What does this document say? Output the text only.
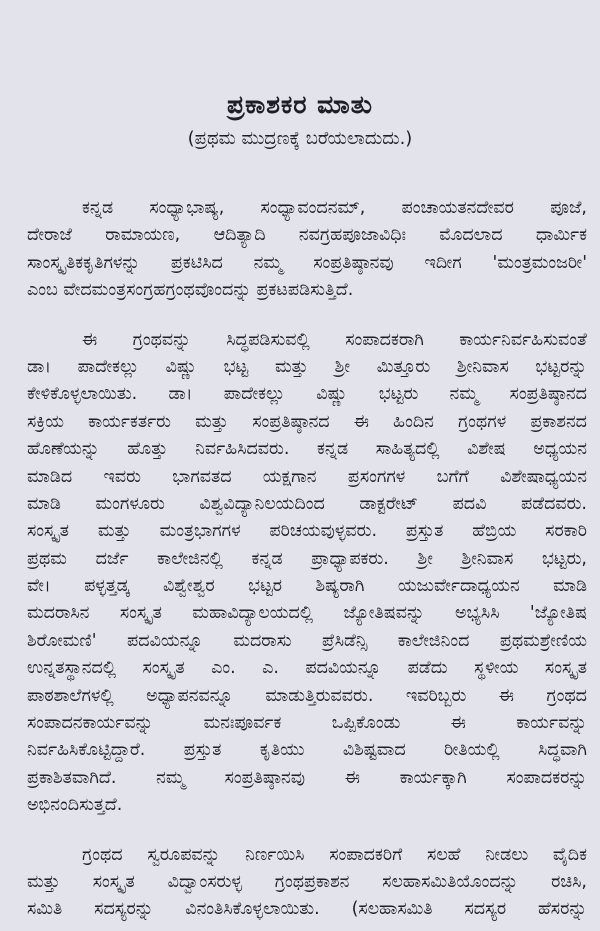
ಪ್ರಕಾಶಕರ ಮಾತು
(ಪ್ರಥಮ ಮುದ್ರಣಕ್ಕೆ ಬರೆಯಲಾದುದು.)
ಕನ್ನಡ ಸಂಧ್ಯಾಭಾಷ್ಯ, ಸಂಧ್ಯಾವಂದನಮ್, ಪಂಚಾಯತನದೇವರ ಪೂಜೆ,
ದೇರಾಜೆ ರಾಮಾಯಣ, ಆದಿತ್ಯಾದಿ ನವಗ್ರಹಪೂಜಾವಿಧಿಃ ಮೊದಲಾದ ಧಾರ್ಮಿಕ
ಸಾಂಸ್ಕೃತಿಕಕೃತಿಗಳನ್ನು ಪ್ರಕಟಿಸಿದ ನಮ್ಮ ಸಂಪ್ರತಿಷ್ಠಾನವು ಇದೀಗ 'ಮಂತ್ರಮಂಜರೀ'
ಎಂಬ ವೇದಮಂತ್ರಸಂಗ್ರಹಗ್ರಂಥವೊಂದನ್ನು ಪ್ರಕಟಪಡಿಸುತ್ತಿದೆ.
ಈ ಗ್ರಂಥವನ್ನು ಸಿದ್ಧಪಡಿಸುವಲ್ಲಿ ಸಂಪಾದಕರಾಗಿ ಕಾರ್ಯನಿರ್ವಹಿಸುವಂತೆ
ಡಾ। ಪಾದೇಕಲ್ಲು ವಿಷ್ಣು ಭಟ್ಟ ಮತ್ತು ಶ್ರೀ ಮಿತ್ತೂರು ಶ್ರೀನಿವಾಸ ಭಟ್ಟರನ್ನು
ಕೇಳಿಕೊಳ್ಳಲಾಯಿತು. ಡಾ। ಪಾದೇಕಲ್ಲು ವಿಷ್ಣು ಭಟ್ಟರು ನಮ್ಮ ಸಂಪ್ರತಿಷ್ಠಾನದ
ಸಕ್ರಿಯ ಕಾರ್ಯಕರ್ತರು ಮತ್ತು ಸಂಪ್ರತಿಷ್ಠಾನದ ಈ ಹಿಂದಿನ ಗ್ರಂಥಗಳ ಪ್ರಕಾಶನದ
ಹೊಣೆಯನ್ನು ಹೊತ್ತು ನಿರ್ವಹಿಸಿದವರು. ಕನ್ನಡ ಸಾಹಿತ್ಯದಲ್ಲಿ ವಿಶೇಷ ಅಧ್ಯಯನ
ಮಾಡಿದ ಇವರು ಭಾಗವತದ ಯಕ್ಷಗಾನ ಪ್ರಸಂಗಗಳ ಬಗೆಗೆ ವಿಶೇಷಾಧ್ಯಯನ
ಮಾಡಿ ಮಂಗಳೂರು ವಿಶ್ವವಿದ್ಯಾನಿಲಯದಿಂದ ಡಾಕ್ಟರೇಟ್ ಪದವಿ ಪಡೆದವರು.
ಸಂಸ್ಕೃತ ಮತ್ತು ಮಂತ್ರಭಾಗಗಳ ಪರಿಚಯವುಳ್ಳವರು. ಪ್ರಸ್ತುತ ಹೆಬ್ರಿಯ ಸರಕಾರಿ
ಪ್ರಥಮ ದರ್ಜೆ ಕಾಲೇಜಿನಲ್ಲಿ ಕನ್ನಡ ಪ್ರಾಧ್ಯಾಪಕರು. ಶ್ರೀ ಶ್ರೀನಿವಾಸ ಭಟ್ಟರು,
ವೇ। ಪಳ್ಳತ್ತಡ್ಕ ವಿಶ್ವೇಶ್ವರ ಭಟ್ಟರ ಶಿಷ್ಯರಾಗಿ ಯಜುರ್ವೇದಾಧ್ಯಯನ ಮಾಡಿ
ಮದರಾಸಿನ ಸಂಸ್ಕೃತ ಮಹಾವಿದ್ಯಾಲಯದಲ್ಲಿ ಜ್ಯೋತಿಷವನ್ನು ಅಭ್ಯಸಿಸಿ 'ಜ್ಯೋತಿಷ
ಶಿರೋಮಣಿ' ಪದವಿಯನ್ನೂ ಮದರಾಸು ಪ್ರೆಸಿಡೆನ್ಸಿ ಕಾಲೇಜಿನಿಂದ ಪ್ರಥಮಶ್ರೇಣಿಯ
ಉನ್ನತಸ್ಥಾನದಲ್ಲಿ ಸಂಸ್ಕೃತ ಎಂ. ಎ. ಪದವಿಯನ್ನೂ ಪಡೆದು ಸ್ಥಳೀಯ ಸಂಸ್ಕೃತ
ಪಾಠಶಾಲೆಗಳಲ್ಲಿ ಅಧ್ಯಾಪನವನ್ನೂ ಮಾಡುತ್ತಿರುವವರು. ಇವರಿಬ್ಬರು ಈ ಗ್ರಂಥದ
ಸಂಪಾದನಕಾರ್ಯವನ್ನು ಮನಃಪೂರ್ವಕ ಒಪ್ಪಿಕೊಂಡು ಈ ಕಾರ್ಯವನ್ನು
ನಿರ್ವಹಿಸಿಕೊಟ್ಟಿದ್ದಾರೆ. ಪ್ರಸ್ತುತ ಕೃತಿಯು ವಿಶಿಷ್ಟವಾದ ರೀತಿಯಲ್ಲಿ ಸಿದ್ಧವಾಗಿ
ಪ್ರಕಾಶಿತವಾಗಿದೆ. ನಮ್ಮ ಸಂಪ್ರತಿಷ್ಠಾನವು ಈ ಕಾರ್ಯಕ್ಕಾಗಿ ಸಂಪಾದಕರನ್ನು
ಅಭಿನಂದಿಸುತ್ತದೆ.
ಗ್ರಂಥದ ಸ್ವರೂಪವನ್ನು ನಿರ್ಣಯಿಸಿ ಸಂಪಾದಕರಿಗೆ ಸಲಹೆ ನೀಡಲು ವೈದಿಕ
ಮತ್ತು ಸಂಸ್ಕೃತ ವಿದ್ವಾಂಸರುಳ್ಳ ಗ್ರಂಥಪ್ರಕಾಶನ ಸಲಹಾಸಮಿತಿಯೊಂದನ್ನು ರಚಿಸಿ,
ಸಮಿತಿ ಸದಸ್ಯರನ್ನು ವಿನಂತಿಸಿಕೊಳ್ಳಲಾಯಿತು. (ಸಲಹಾಸಮಿತಿ ಸದಸ್ಯರ ಹೆಸರನ್ನು
